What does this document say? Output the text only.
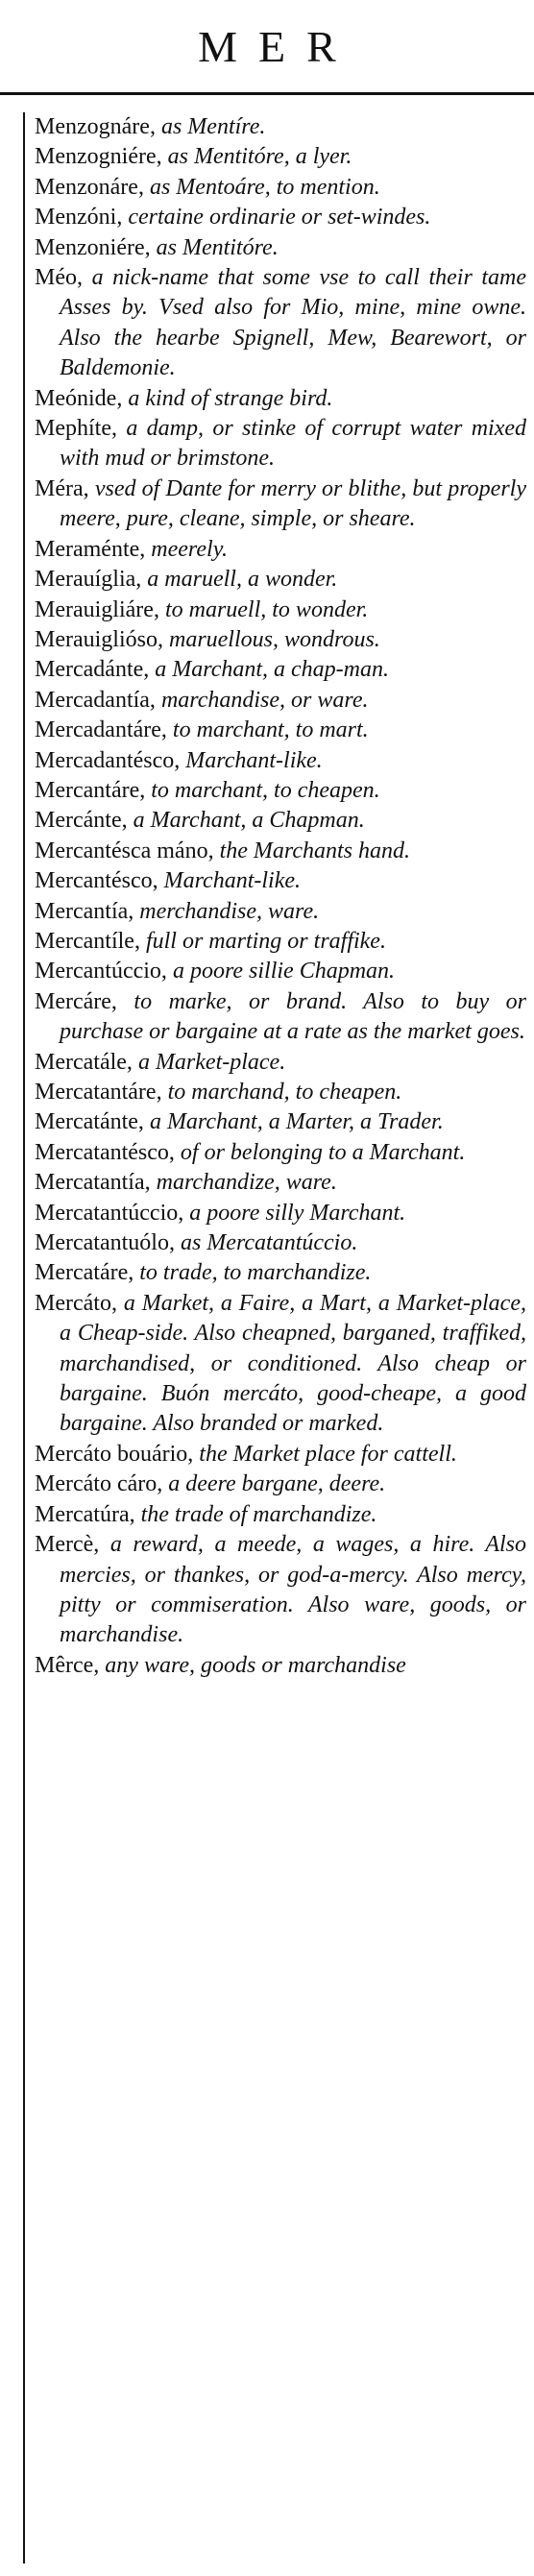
MER

Menzognáre, as Mentíre.

Menzogniére, as Mentitóre, a lyer.

Menzonáre, as Mentoáre, to mention.

Menzóni, certaine ordinarie or set-windes.

Menzoniére, as Mentitóre.

Méo, a nick-name that some vse to call their tame Asses by. Vsed also for Mio, mine, mine owne. Also the hearbe Spignell, Mew, Bearewort, or Baldemonie.

Meónide, a kind of strange bird.

Mephíte, a damp, or stinke of corrupt water mixed with mud or brimstone.

Méra, vsed of Dante for merry or blithe, but properly meere, pure, cleane, simple, or sheare.

Meraménte, meerely.

Merauíglia, a maruell, a wonder.

Merauigliáre, to maruell, to wonder.

Merauiglióso, maruellous, wondrous.

Mercadánte, a Marchant, a chap-man.

Mercadantía, marchandise, or ware.

Mercadantáre, to marchant, to mart.

Mercadantésco, Marchant-like.

Mercantáre, to marchant, to cheapen.

Mercánte, a Marchant, a Chapman.

Mercantésca máno, the Marchants hand.

Mercantésco, Marchant-like.

Mercantía, merchandise, ware.

Mercantíle, full or marting or traffike.

Mercantúccio, a poore sillie Chapman.

Mercáre, to marke, or brand. Also to buy or purchase or bargaine at a rate as the market goes.

Mercatále, a Market-place.

Mercatantáre, to marchand, to cheapen.

Mercatánte, a Marchant, a Marter, a Trader.

Mercatantésco, of or belonging to a Marchant.

Mercatantía, marchandize, ware.

Mercatantúccio, a poore silly Marchant.

Mercatantuólo, as Mercatantúccio.

Mercatáre, to trade, to marchandize.

Mercáto, a Market, a Faire, a Mart, a Market-place, a Cheap-side. Also cheapned, barganed, traffiked, marchandised, or conditioned. Also cheap or bargaine. Buón mercáto, good-cheape, a good bargaine. Also branded or marked.

Mercáto bouário, the Market place for cattell.

Mercáto cáro, a deere bargane, deere.

Mercatúra, the trade of marchandize.

Mercè, a reward, a meede, a wages, a hire. Also mercies, or thankes, or god-a-mercy. Also mercy, pitty or commiseration. Also ware, goods, or marchandise.

Mêrce, any ware, goods or marchandise
